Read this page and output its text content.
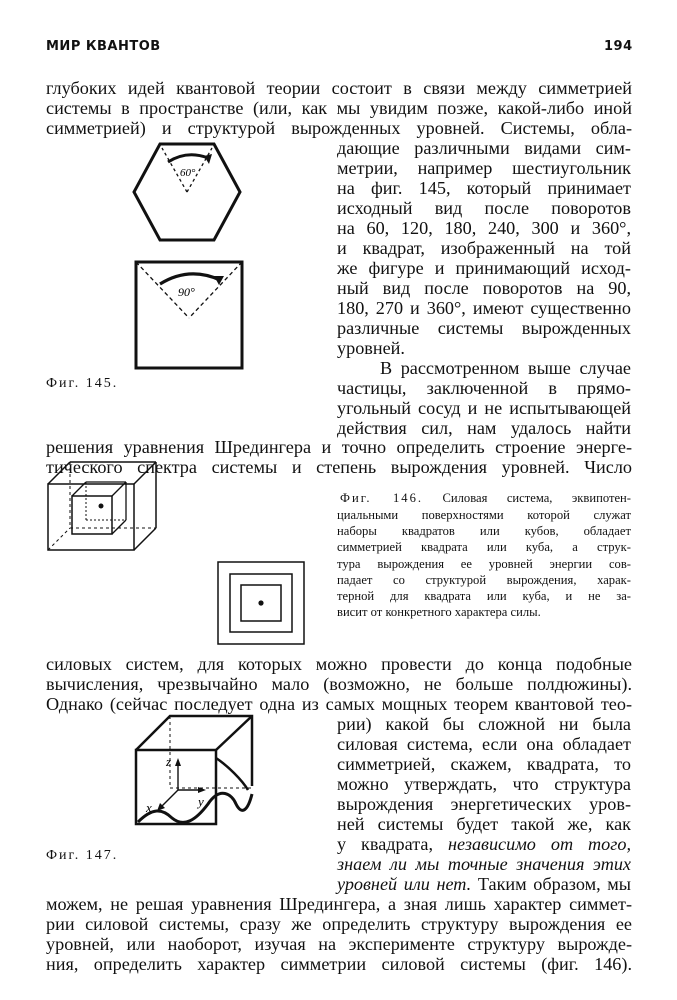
МИР КВАНТОВ	194
глубоких идей квантовой теории состоит в связи между симметрией
системы в пространстве (или, как мы увидим позже, какой-либо иной
симметрией) и структурой вырожденных уровней. Системы, обла-
дающие различными видами сим-
метрии, например шестиугольник
на фиг. 145, который принимает
исходный вид после поворотов
на 60, 120, 180, 240, 300 и 360°,
и квадрат, изображенный на той
же фигуре и принимающий исход-
ный вид после поворотов на 90,
180, 270 и 360°, имеют существенно
различные системы вырожденных
уровней.
В рассмотренном выше случае
частицы, заключенной в прямо-
угольный сосуд и не испытывающей
действия сил, нам удалось найти
решения уравнения Шредингера и точно определить строение энерге-
тического спектра системы и степень вырождения уровней. Число
60°
90°
Фиг. 145.
Фиг. 146. Силовая система, эквипотен-
циальными поверхностями которой служат
наборы квадратов или кубов, обладает
симметрией квадрата или куба, а струк-
тура вырождения ее уровней энергии сов-
падает со структурой вырождения, харак-
терной для квадрата или куба, и не за-
висит от конкретного характера силы.
силовых систем, для которых можно провести до конца подобные
вычисления, чрезвычайно мало (возможно, не больше полдюжины).
Однако (сейчас последует одна из самых мощных теорем квантовой тео-
рии) какой бы сложной ни была
силовая система, если она обладает
симметрией, скажем, квадрата, то
можно утверждать, что структура
вырождения энергетических уров-
ней системы будет такой же, как
у квадрата, независимо от того,
знаем ли мы точные значения этих
уровней или нет. Таким образом, мы
можем, не решая уравнения Шредингера, а зная лишь характер симмет-
рии силовой системы, сразу же определить структуру вырождения ее
уровней, или наоборот, изучая на эксперименте структуру вырожде-
ния, определить характер симметрии силовой системы (фиг. 146).
z
y
x
Фиг. 147.
